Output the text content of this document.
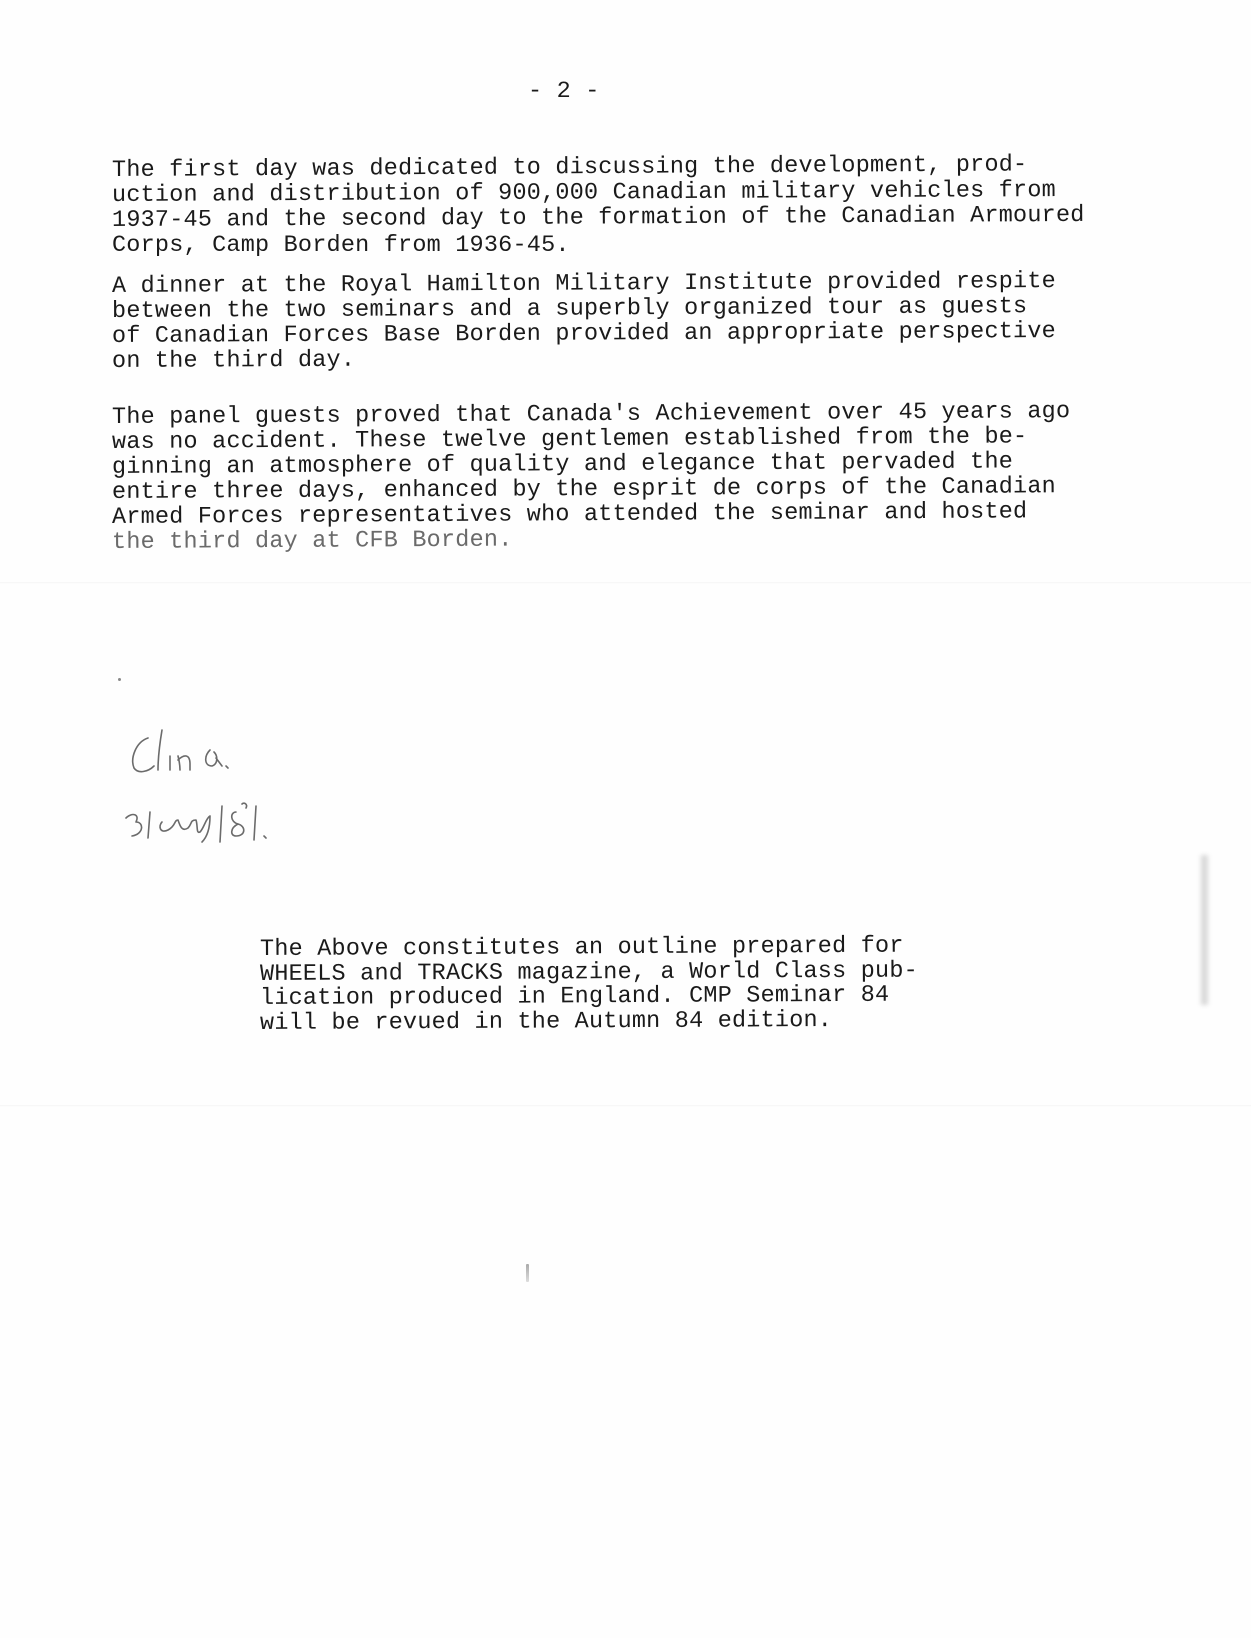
- 2 -

The first day was dedicated to discussing the development, prod-
uction and distribution of 900,000 Canadian military vehicles from
1937-45 and the second day to the formation of the Canadian Armoured
Corps, Camp Borden from 1936-45.
A dinner at the Royal Hamilton Military Institute provided respite
between the two seminars and a superbly organized tour as guests
of Canadian Forces Base Borden provided an appropriate perspective
on the third day.
The panel guests proved that Canada's Achievement over 45 years ago
was no accident. These twelve gentlemen established from the be-
ginning an atmosphere of quality and elegance that pervaded the
entire three days, enhanced by the esprit de corps of the Canadian
Armed Forces representatives who attended the seminar and hosted
the third day at CFB Borden.
The Above constitutes an outline prepared for
WHEELS and TRACKS magazine, a World Class pub-
lication produced in England. CMP Seminar 84
will be revued in the Autumn 84 edition.
